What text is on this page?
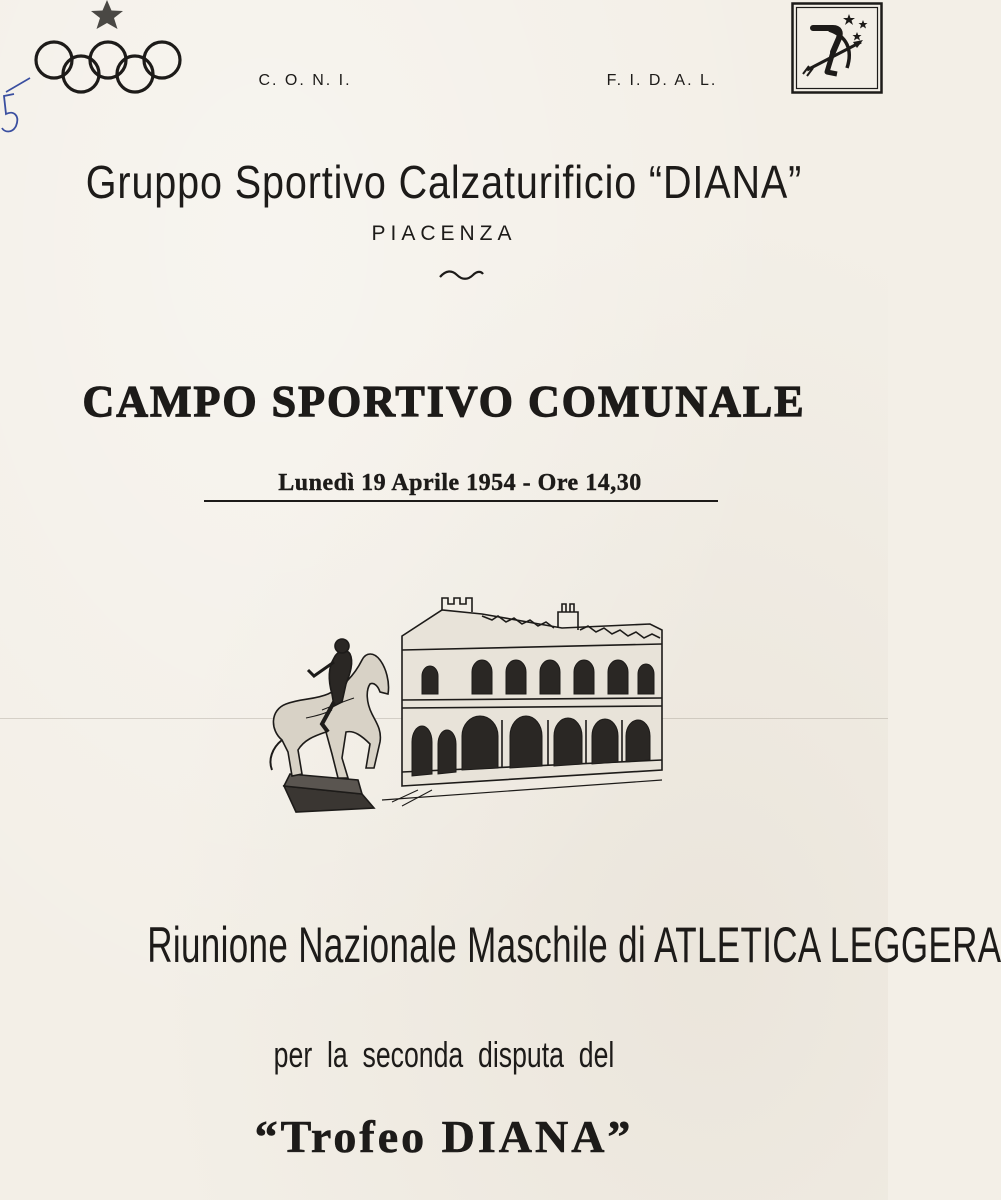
C. O. N. I.	F. I. D. A. L.
Gruppo Sportivo Calzaturificio “DIANA”
PIACENZA
CAMPO SPORTIVO COMUNALE
Lunedì 19 Aprile 1954 - Ore 14,30
Riunione Nazionale Maschile di ATLETICA LEGGERA
per la seconda disputa del
“Trofeo DIANA”
